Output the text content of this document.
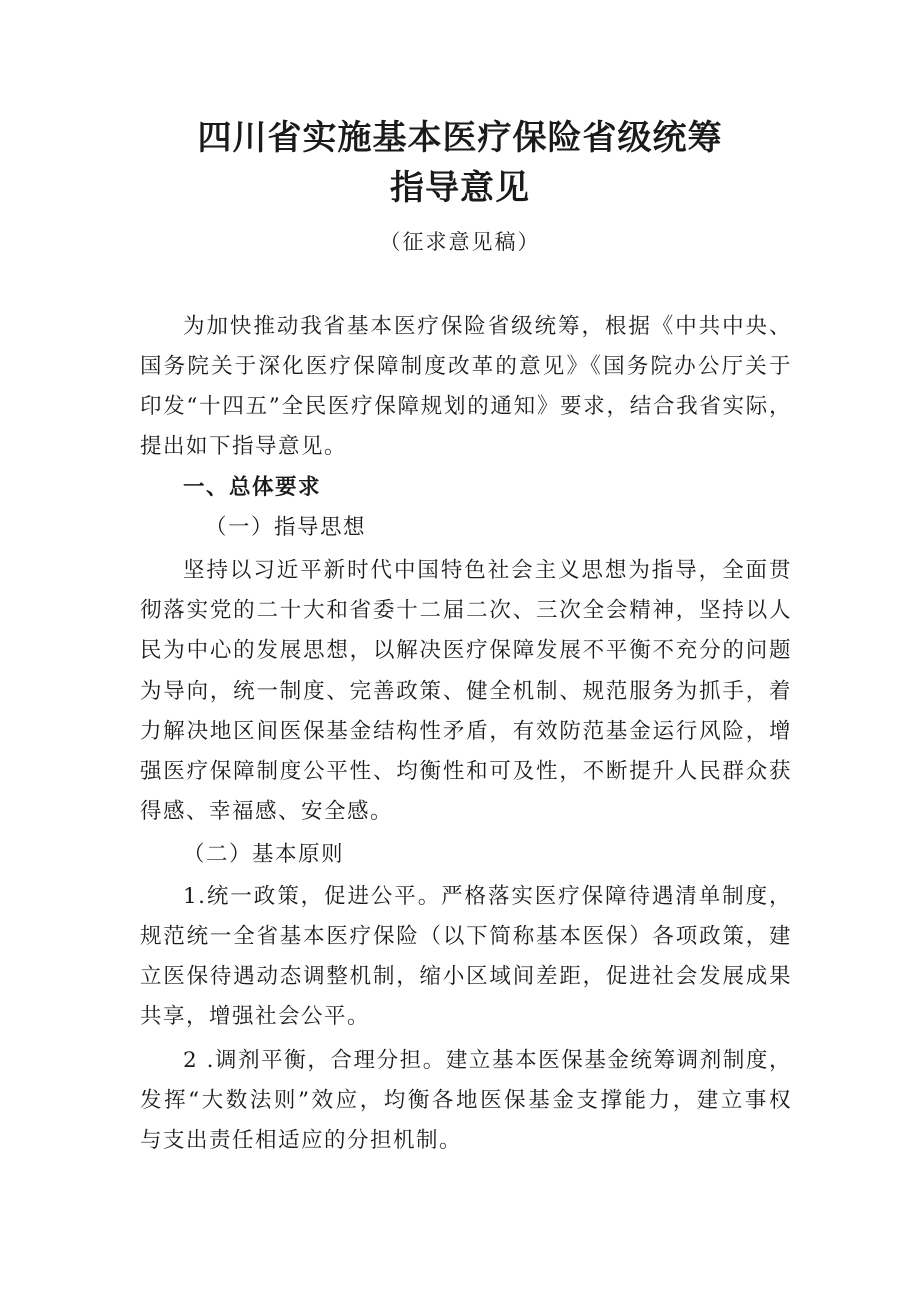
四川省实施基本医疗保险省级统筹
指导意见
（征求意见稿）
为加快推动我省基本医疗保险省级统筹，根据《中共中央、
国务院关于深化医疗保障制度改革的意见》《国务院办公厅关于
印发“十四五”全民医疗保障规划的通知》要求，结合我省实际，
提出如下指导意见。
一、总体要求
（一）指导思想
坚持以习近平新时代中国特色社会主义思想为指导，全面贯
彻落实党的二十大和省委十二届二次、三次全会精神，坚持以人
民为中心的发展思想，以解决医疗保障发展不平衡不充分的问题
为导向，统一制度、完善政策、健全机制、规范服务为抓手，着
力解决地区间医保基金结构性矛盾，有效防范基金运行风险，增
强医疗保障制度公平性、均衡性和可及性，不断提升人民群众获
得感、幸福感、安全感。
（二）基本原则
1.统一政策，促进公平。严格落实医疗保障待遇清单制度，
规范统一全省基本医疗保险（以下简称基本医保）各项政策，建
立医保待遇动态调整机制，缩小区域间差距，促进社会发展成果
共享，增强社会公平。
2 .调剂平衡，合理分担。建立基本医保基金统筹调剂制度，
发挥“大数法则”效应，均衡各地医保基金支撑能力，建立事权
与支出责任相适应的分担机制。
